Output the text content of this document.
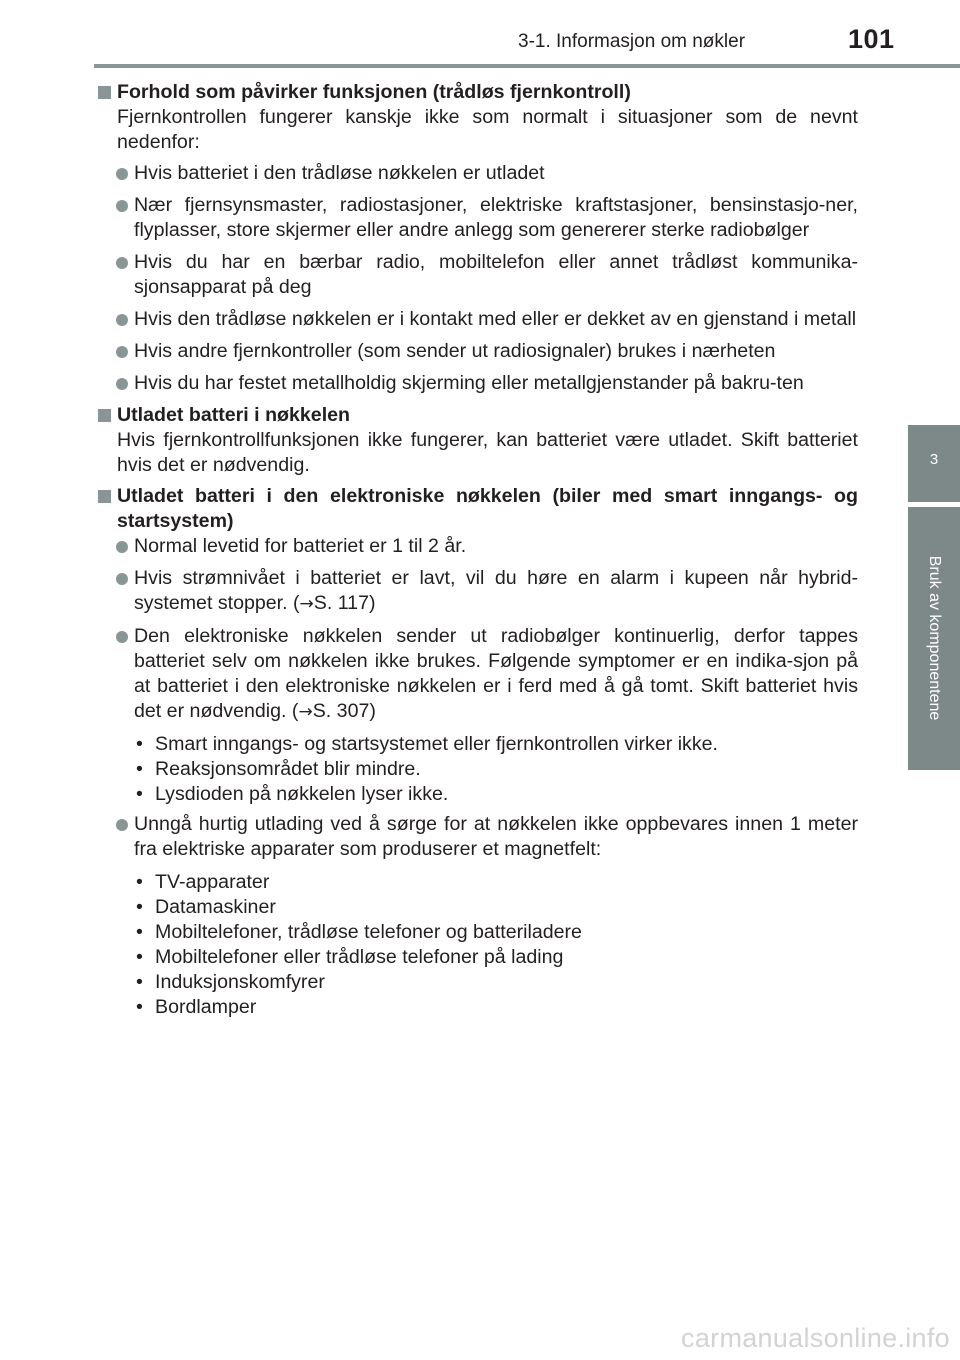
3-1. Informasjon om nøkler	101
3
Bruk av komponentene

Forhold som påvirker funksjonen (trådløs fjernkontroll)

Fjernkontrollen fungerer kanskje ikke som normalt i situasjoner som de nevnt nedenfor:

Hvis batteriet i den trådløse nøkkelen er utladet

Nær fjernsynsmaster, radiostasjoner, elektriske kraftstasjoner, bensinstasjo-ner, flyplasser, store skjermer eller andre anlegg som genererer sterke radiobølger

Hvis du har en bærbar radio, mobiltelefon eller annet trådløst kommunika-sjonsapparat på deg

Hvis den trådløse nøkkelen er i kontakt med eller er dekket av en gjenstand i metall

Hvis andre fjernkontroller (som sender ut radiosignaler) brukes i nærheten

Hvis du har festet metallholdig skjerming eller metallgjenstander på bakru-ten

Utladet batteri i nøkkelen

Hvis fjernkontrollfunksjonen ikke fungerer, kan batteriet være utladet. Skift batteriet hvis det er nødvendig.

Utladet batteri i den elektroniske nøkkelen (biler med smart inngangs- og startsystem)

Normal levetid for batteriet er 1 til 2 år.

Hvis strømnivået i batteriet er lavt, vil du høre en alarm i kupeen når hybrid-systemet stopper. (→S. 117)

Den elektroniske nøkkelen sender ut radiobølger kontinuerlig, derfor tappes batteriet selv om nøkkelen ikke brukes. Følgende symptomer er en indika-sjon på at batteriet i den elektroniske nøkkelen er i ferd med å gå tomt. Skift batteriet hvis det er nødvendig. (→S. 307)

• Smart inngangs- og startsystemet eller fjernkontrollen virker ikke.
• Reaksjonsområdet blir mindre.
• Lysdioden på nøkkelen lyser ikke.

Unngå hurtig utlading ved å sørge for at nøkkelen ikke oppbevares innen 1 meter fra elektriske apparater som produserer et magnetfelt:

• TV-apparater
• Datamaskiner
• Mobiltelefoner, trådløse telefoner og batteriladere
• Mobiltelefoner eller trådløse telefoner på lading
• Induksjonskomfyrer
• Bordlamper
carmanualsonline.info
